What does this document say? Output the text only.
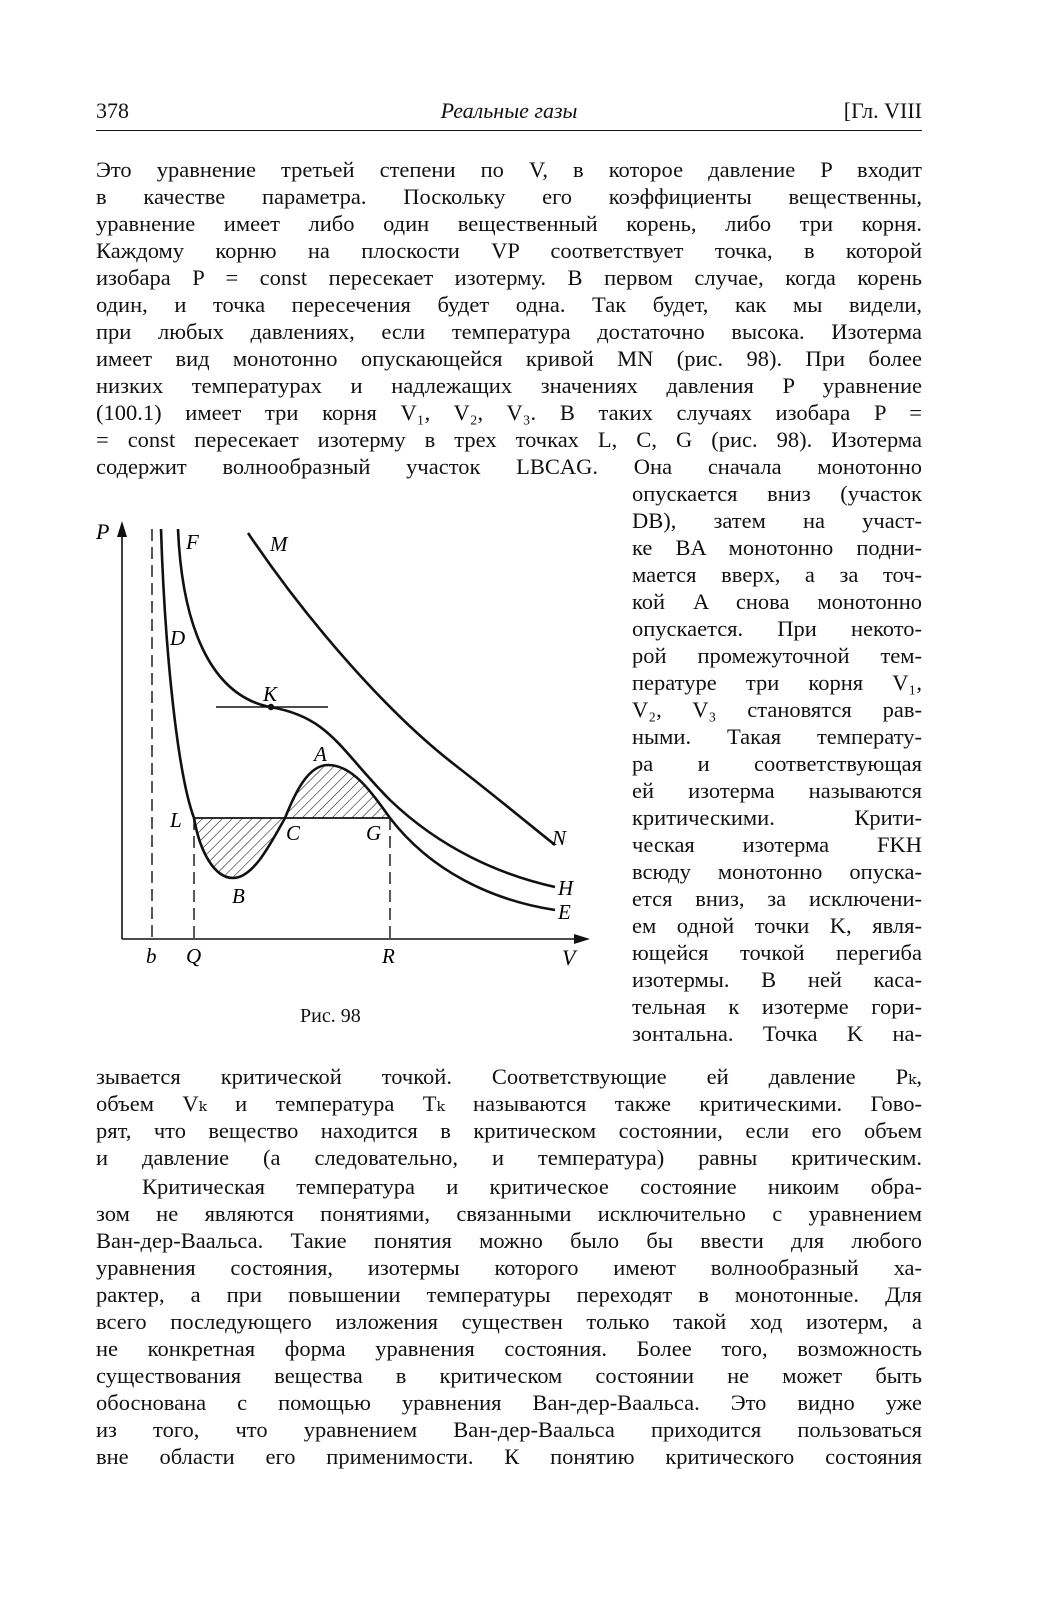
378	Реальные газы	[Гл. VIII
Это уравнение третьей степени по V, в которое давление P входит
в качестве параметра. Поскольку его коэффициенты вещественны,
уравнение имеет либо один вещественный корень, либо три корня.
Каждому корню на плоскости VP соответствует точка, в которой
изобара P = const пересекает изотерму. В первом случае, когда корень
один, и точка пересечения будет одна. Так будет, как мы видели,
при любых давлениях, если температура достаточно высока. Изотерма
имеет вид монотонно опускающейся кривой MN (рис. 98). При более
низких температурах и надлежащих значениях давления P уравнение
(100.1) имеет три корня V₁, V₂, V₃. В таких случаях изобара P =
= const пересекает изотерму в трех точках L, C, G (рис. 98). Изотерма
содержит волнообразный участок LBCAG. Она сначала монотонно
опускается вниз (участок
DB), затем на участ-
ке BA монотонно подни-
мается вверх, а за точ-
кой A снова монотонно
опускается. При некото-
рой промежуточной тем-
пературе три корня V₁,
V₂, V₃ становятся рав-
ными. Такая температу-
ра и соответствующая
ей изотерма называются
критическими. Крити-
ческая изотерма FKH
всюду монотонно опуска-
ется вниз, за исключени-
ем одной точки K, явля-
ющейся точкой перегиба
изотермы. В ней каса-
тельная к изотерме гори-
зонтальна. Точка K на-
P
V
F	M
D
K
A
L
C	G	N
B	H
E
b Q	R
Рис. 98
зывается критической точкой. Соответствующие ей давление Pₖ,
объем Vₖ и температура Tₖ называются также критическими. Гово-
рят, что вещество находится в критическом состоянии, если его объем
и давление (а следовательно, и температура) равны критическим.
Критическая температура и критическое состояние никоим обра-
зом не являются понятиями, связанными исключительно с уравнением
Ван-дер-Ваальса. Такие понятия можно было бы ввести для любого
уравнения состояния, изотермы которого имеют волнообразный ха-
рактер, а при повышении температуры переходят в монотонные. Для
всего последующего изложения существен только такой ход изотерм, а
не конкретная форма уравнения состояния. Более того, возможность
существования вещества в критическом состоянии не может быть
обоснована с помощью уравнения Ван-дер-Ваальса. Это видно уже
из того, что уравнением Ван-дер-Ваальса приходится пользоваться
вне области его применимости. К понятию критического состояния
